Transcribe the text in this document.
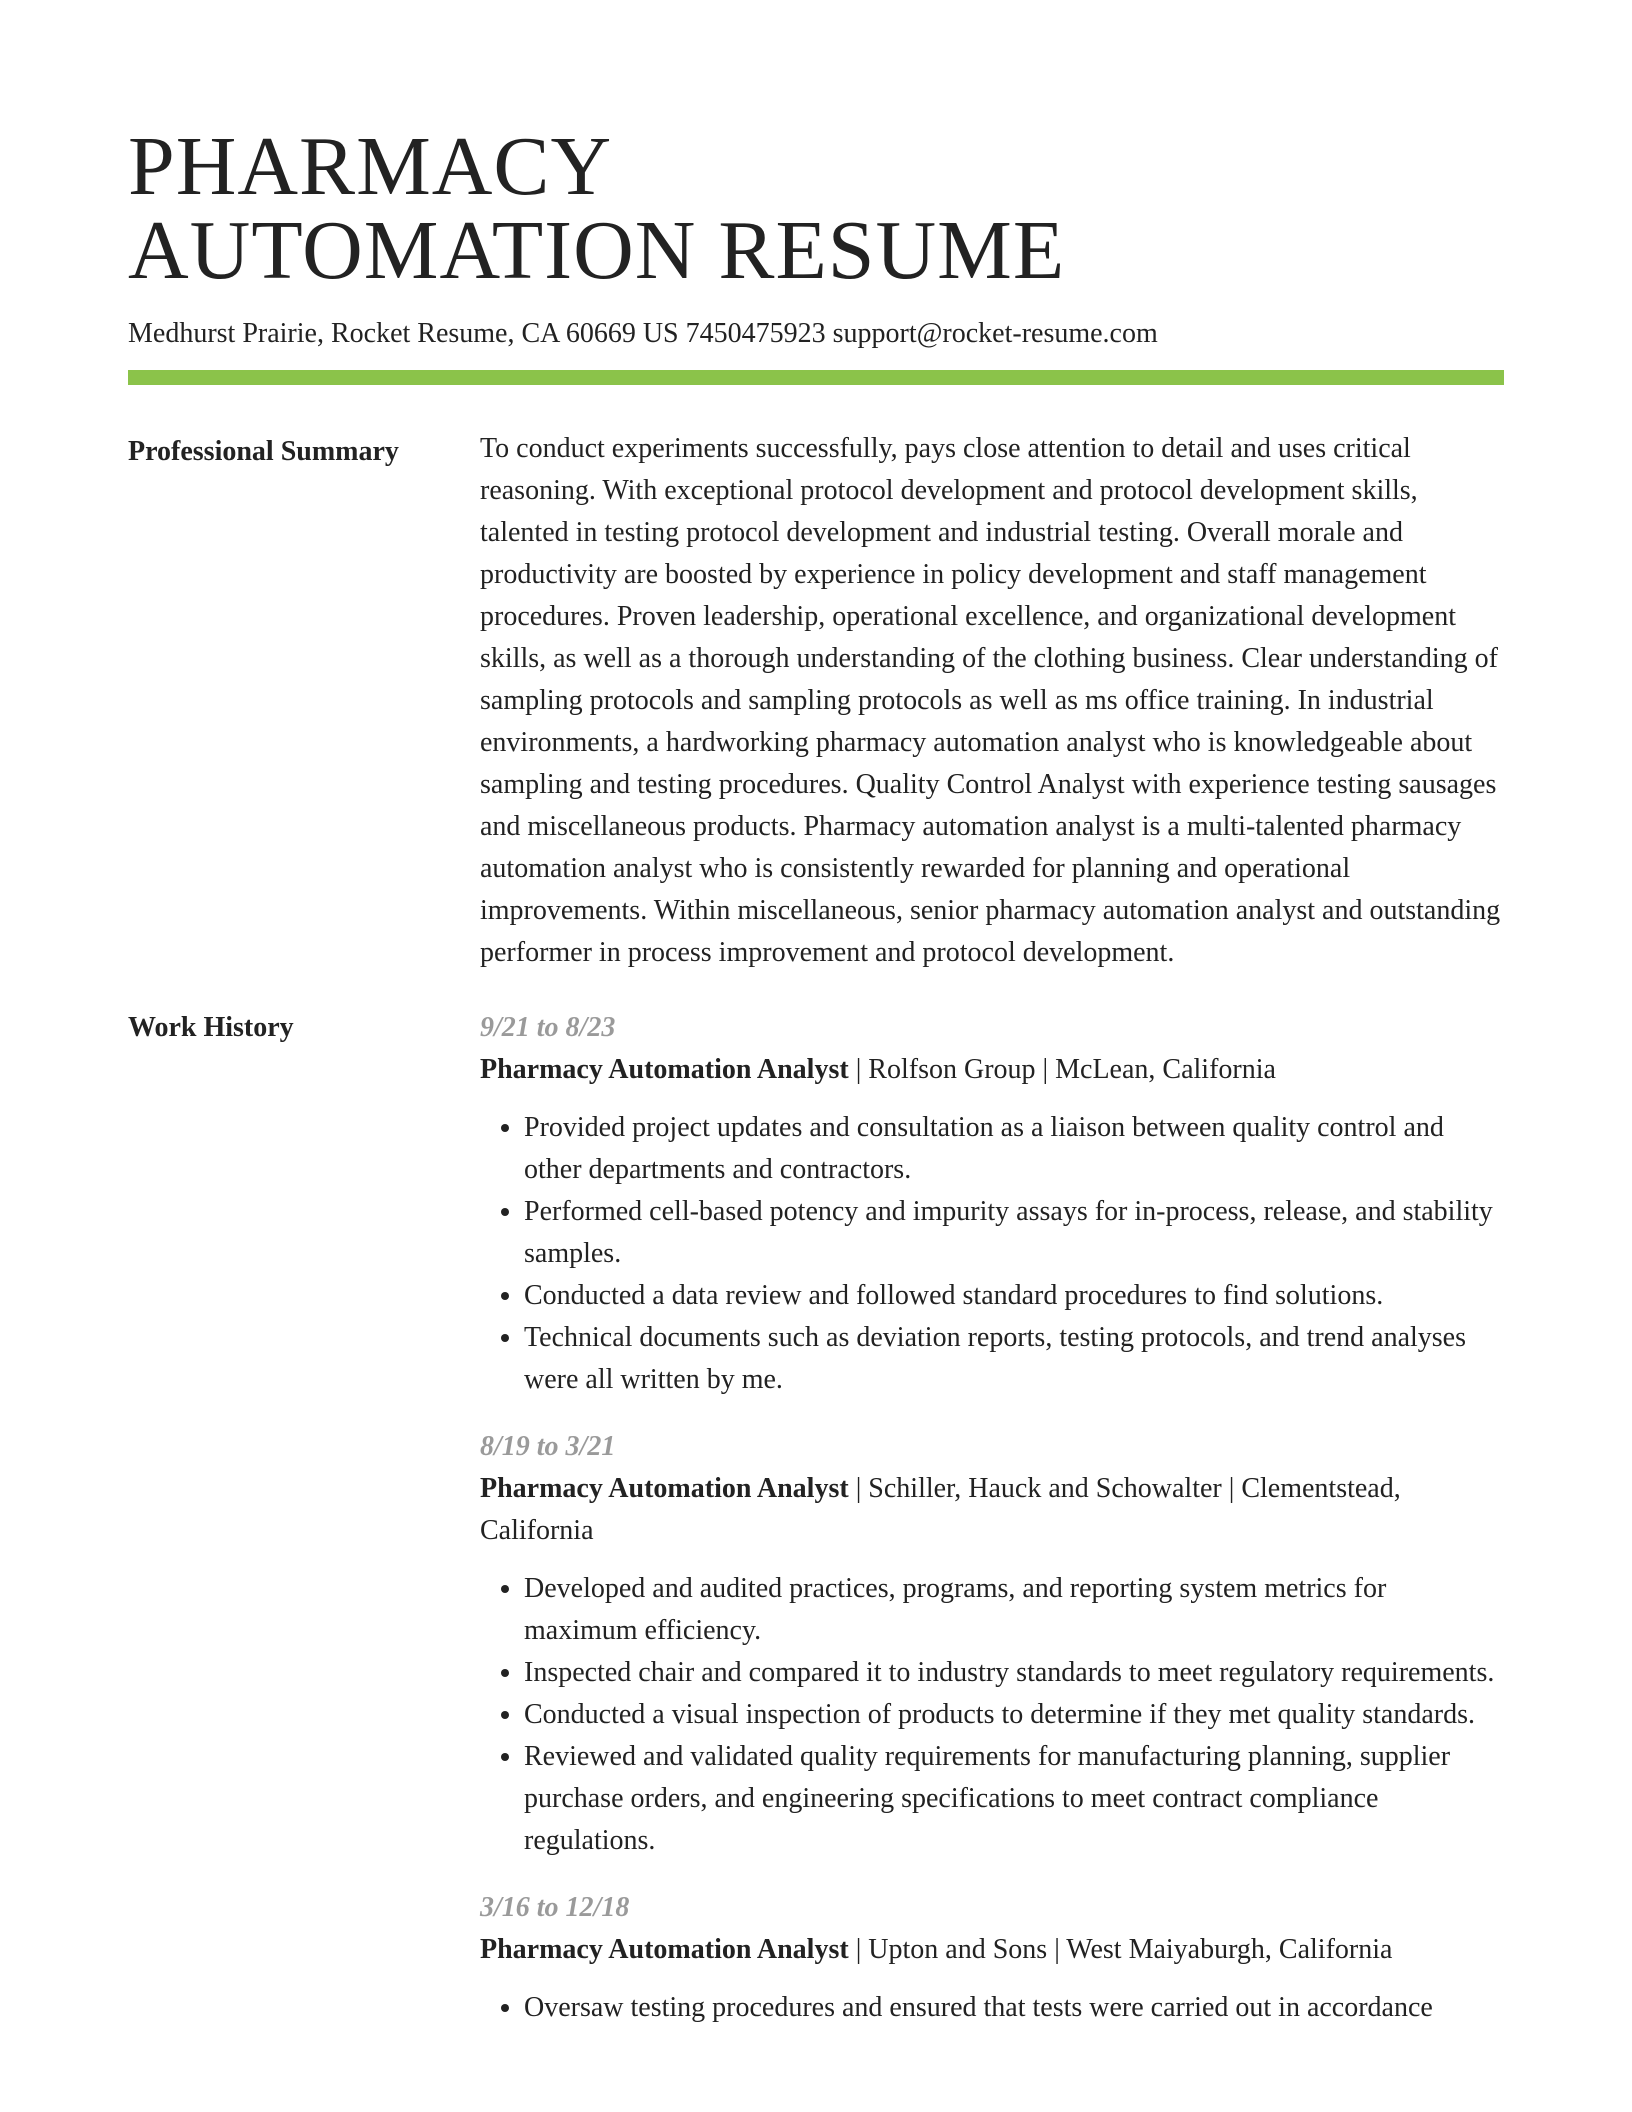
PHARMACY
AUTOMATION RESUME
Medhurst Prairie, Rocket Resume, CA 60669 US 7450475923 support@rocket-resume.com
Professional Summary	To conduct experiments successfully, pays close attention to detail and uses critical reasoning. With exceptional protocol development and protocol development skills, talented in testing protocol development and industrial testing. Overall morale and productivity are boosted by experience in policy development and staff management procedures. Proven leadership, operational excellence, and organizational development skills, as well as a thorough understanding of the clothing business. Clear understanding of sampling protocols and sampling protocols as well as ms office training. In industrial environments, a hardworking pharmacy automation analyst who is knowledgeable about sampling and testing procedures. Quality Control Analyst with experience testing sausages and miscellaneous products. Pharmacy automation analyst is a multi-talented pharmacy automation analyst who is consistently rewarded for planning and operational improvements. Within miscellaneous, senior pharmacy automation analyst and outstanding performer in process improvement and protocol development.

Work History	9/21 to 8/23

Pharmacy Automation Analyst | Rolfson Group | McLean, California

• Provided project updates and consultation as a liaison between quality control and other departments and contractors.
• Performed cell-based potency and impurity assays for in-process, release, and stability samples.
• Conducted a data review and followed standard procedures to find solutions.
• Technical documents such as deviation reports, testing protocols, and trend analyses were all written by me.
8/19 to 3/21

Pharmacy Automation Analyst | Schiller, Hauck and Schowalter | Clementstead, California

• Developed and audited practices, programs, and reporting system metrics for maximum efficiency.
• Inspected chair and compared it to industry standards to meet regulatory requirements.
• Conducted a visual inspection of products to determine if they met quality standards.
• Reviewed and validated quality requirements for manufacturing planning, supplier purchase orders, and engineering specifications to meet contract compliance regulations.
3/16 to 12/18

Pharmacy Automation Analyst | Upton and Sons | West Maiyaburgh, California

• Oversaw testing procedures and ensured that tests were carried out in accordance
